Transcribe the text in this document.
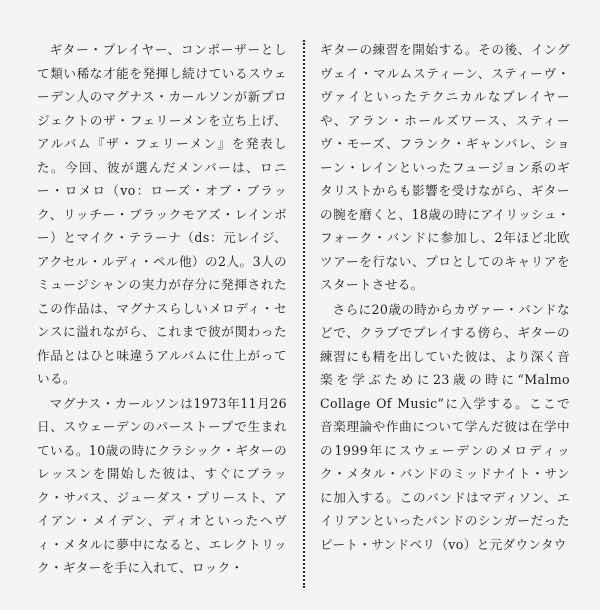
ギター・プレイヤー、コンポーザーとして類い稀な才能を発揮し続けているスウェーデン人のマグナス・カールソンが新プロジェクトのザ・フェリーメンを立ち上げ、アルバム『ザ・フェリーメン』を発表した。今回、彼が選んだメンバーは、ロニー・ロメロ（vo：ローズ・オブ・ブラック、リッチー・ブラックモアズ・レインボー）とマイク・テラーナ（ds：元レイジ、アクセル・ルディ・ペル他）の2人。3人のミュージシャンの実力が存分に発揮されたこの作品は、マグナスらしいメロディ・センスに溢れながら、これまで彼が関わった作品とはひと味違うアルバムに仕上がっている。

マグナス・カールソンは1973年11月26日、スウェーデンのパーストープで生まれている。10歳の時にクラシック・ギターのレッスンを開始した彼は、すぐにブラック・サバス、ジューダス・プリースト、アイアン・メイデン、ディオといったヘヴィ・メタルに夢中になると、エレクトリック・ギターを手に入れて、ロック・

ギターの練習を開始する。その後、イングヴェイ・マルムスティーン、スティーヴ・ヴァイといったテクニカルなプレイヤーや、アラン・ホールズワース、スティーヴ・モーズ、フランク・ギャンバレ、ショーン・レインといったフュージョン系のギタリストからも影響を受けながら、ギターの腕を磨くと、18歳の時にアイリッシュ・フォーク・バンドに参加し、2年ほど北欧ツアーを行ない、プロとしてのキャリアをスタートさせる。

さらに20歳の時からカヴァー・バンドなどで、クラブでプレイする傍ら、ギターの練習にも精を出していた彼は、より深く音楽を学ぶために23歳の時に“Malmo Collage Of Music”に入学する。ここで音楽理論や作曲について学んだ彼は在学中の1999年にスウェーデンのメロディック・メタル・バンドのミッドナイト・サンに加入する。このバンドはマディソン、エイリアンといったバンドのシンガーだったピート・サンドベリ（vo）と元ダウンタウ
